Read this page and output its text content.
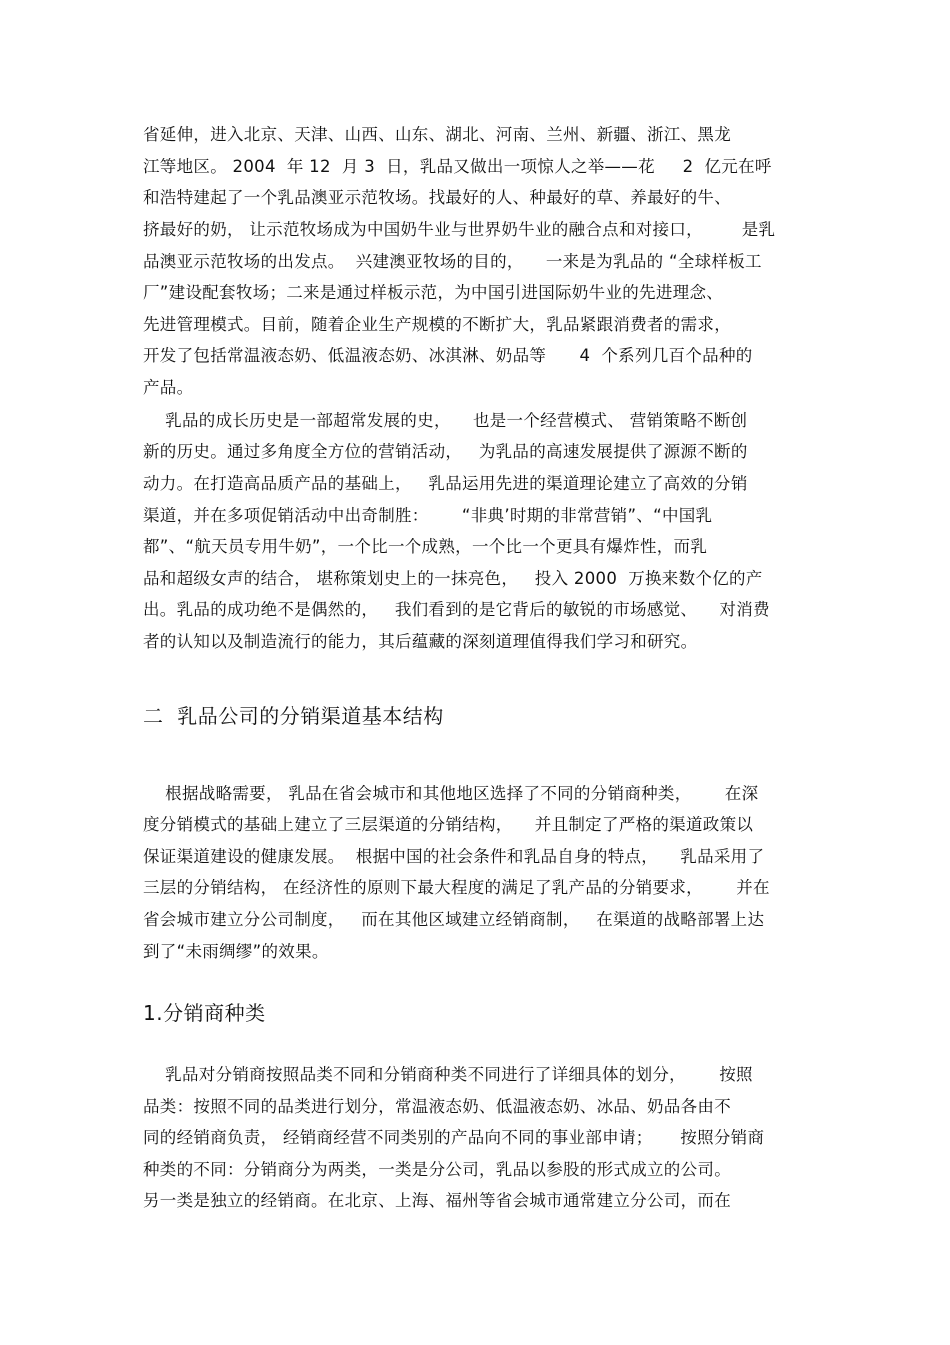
省延伸，进入北京、天津、山西、山东、湖北、河南、兰州、新疆、浙江、黑龙
江等地区。 2004  年 12  月 3  日，乳品又做出一项惊人之举——花     2  亿元在呼
和浩特建起了一个乳品澳亚示范牧场。找最好的人、种最好的草、养最好的牛、
挤最好的奶， 让示范牧场成为中国奶牛业与世界奶牛业的融合点和对接口，       是乳
品澳亚示范牧场的出发点。  兴建澳亚牧场的目的，    一来是为乳品的 “全球样板工
厂”建设配套牧场；二来是通过样板示范，为中国引进国际奶牛业的先进理念、
先进管理模式。目前，随着企业生产规模的不断扩大，乳品紧跟消费者的需求，
开发了包括常温液态奶、低温液态奶、冰淇淋、奶品等      4  个系列几百个品种的
产品。
乳品的成长历史是一部超常发展的史，    也是一个经营模式、 营销策略不断创
新的历史。通过多角度全方位的营销活动，   为乳品的高速发展提供了源源不断的
动力。在打造高品质产品的基础上，   乳品运用先进的渠道理论建立了高效的分销
渠道，并在多项促销活动中出奇制胜：      “非典’时期的非常营销”、“中国乳
都”、“航天员专用牛奶”，一个比一个成熟，一个比一个更具有爆炸性，而乳
品和超级女声的结合， 堪称策划史上的一抹亮色，   投入 2000  万换来数个亿的产
出。乳品的成功绝不是偶然的，   我们看到的是它背后的敏锐的市场感觉、    对消费
者的认知以及制造流行的能力，其后蕴藏的深刻道理值得我们学习和研究。
二  乳品公司的分销渠道基本结构
根据战略需要， 乳品在省会城市和其他地区选择了不同的分销商种类，      在深
度分销模式的基础上建立了三层渠道的分销结构，    并且制定了严格的渠道政策以
保证渠道建设的健康发展。  根据中国的社会条件和乳品自身的特点，    乳品采用了
三层的分销结构， 在经济性的原则下最大程度的满足了乳产品的分销要求，      并在
省会城市建立分公司制度，   而在其他区域建立经销商制，   在渠道的战略部署上达
到了“未雨绸缪”的效果。
1.分销商种类
乳品对分销商按照品类不同和分销商种类不同进行了详细具体的划分，      按照
品类：按照不同的品类进行划分，常温液态奶、低温液态奶、冰品、奶品各由不
同的经销商负责， 经销商经营不同类别的产品向不同的事业部申请；     按照分销商
种类的不同：分销商分为两类，一类是分公司，乳品以参股的形式成立的公司。
另一类是独立的经销商。在北京、上海、福州等省会城市通常建立分公司，而在
